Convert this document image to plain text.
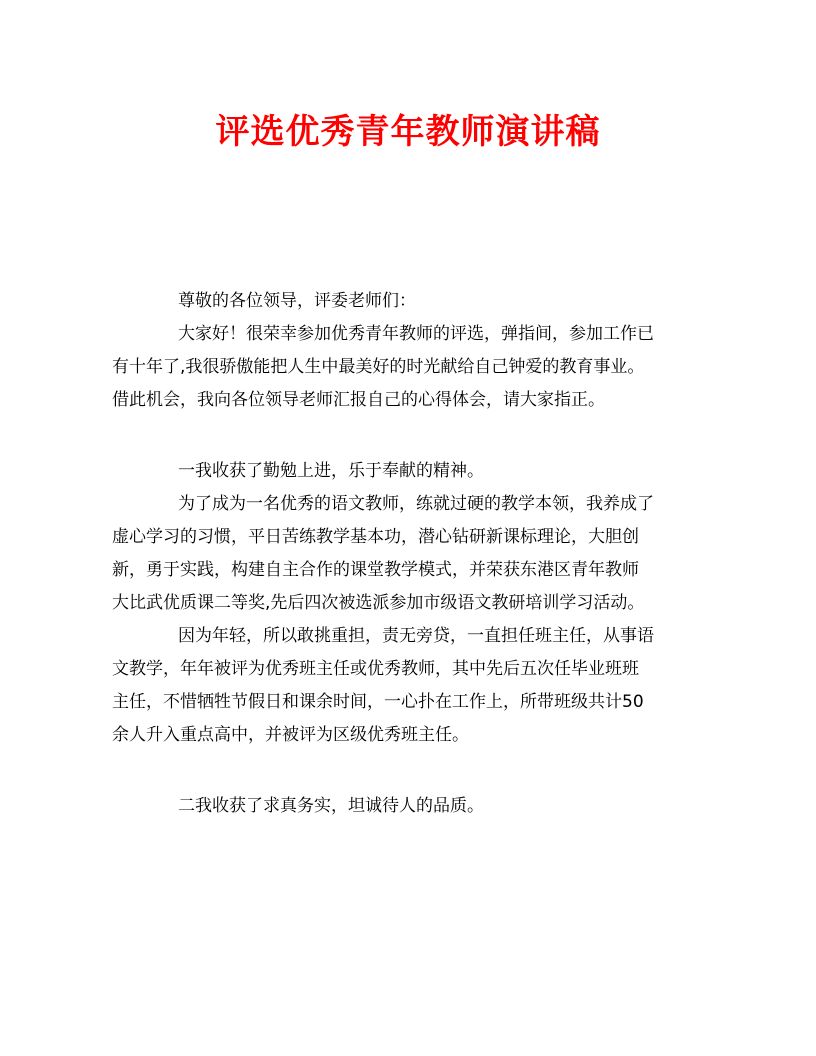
评选优秀青年教师演讲稿
尊敬的各位领导，评委老师们：
大家好！很荣幸参加优秀青年教师的评选，弹指间，参加工作已
有十年了,我很骄傲能把人生中最美好的时光献给自己钟爱的教育事业。
借此机会，我向各位领导老师汇报自己的心得体会，请大家指正。
一我收获了勤勉上进，乐于奉献的精神。
为了成为一名优秀的语文教师，练就过硬的教学本领，我养成了
虚心学习的习惯，平日苦练教学基本功，潜心钻研新课标理论，大胆创
新，勇于实践，构建自主合作的课堂教学模式，并荣获东港区青年教师
大比武优质课二等奖,先后四次被选派参加市级语文教研培训学习活动。
因为年轻，所以敢挑重担，责无旁贷，一直担任班主任，从事语
文教学，年年被评为优秀班主任或优秀教师，其中先后五次任毕业班班
主任，不惜牺牲节假日和课余时间，一心扑在工作上，所带班级共计50
余人升入重点高中，并被评为区级优秀班主任。
二我收获了求真务实，坦诚待人的品质。
